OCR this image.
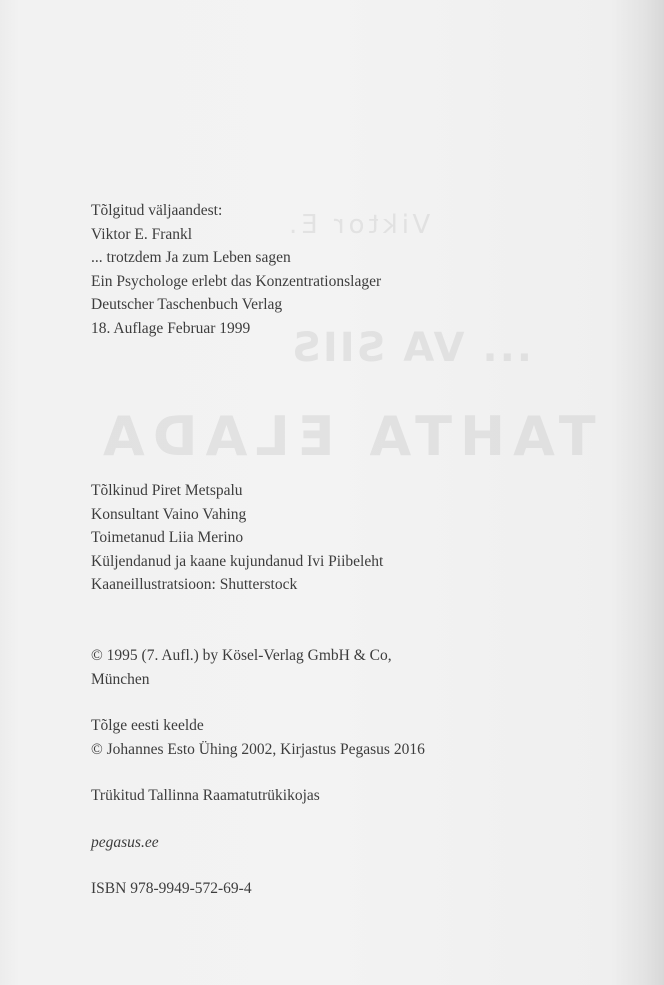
Viktor E.
... VA SIIS
TAHTA ELADA
Tõlgitud väljaandest:
Viktor E. Frankl
... trotzdem Ja zum Leben sagen
Ein Psychologe erlebt das Konzentrationslager
Deutscher Taschenbuch Verlag
18. Auflage Februar 1999
Tõlkinud Piret Metspalu
Konsultant Vaino Vahing
Toimetanud Liia Merino
Küljendanud ja kaane kujundanud Ivi Piibeleht
Kaaneillustratsioon: Shutterstock
© 1995 (7. Aufl.) by Kösel-Verlag GmbH & Co,
München
Tõlge eesti keelde
© Johannes Esto Ühing 2002, Kirjastus Pegasus 2016
Trükitud Tallinna Raamatutrükikojas
pegasus.ee
ISBN 978-9949-572-69-4
